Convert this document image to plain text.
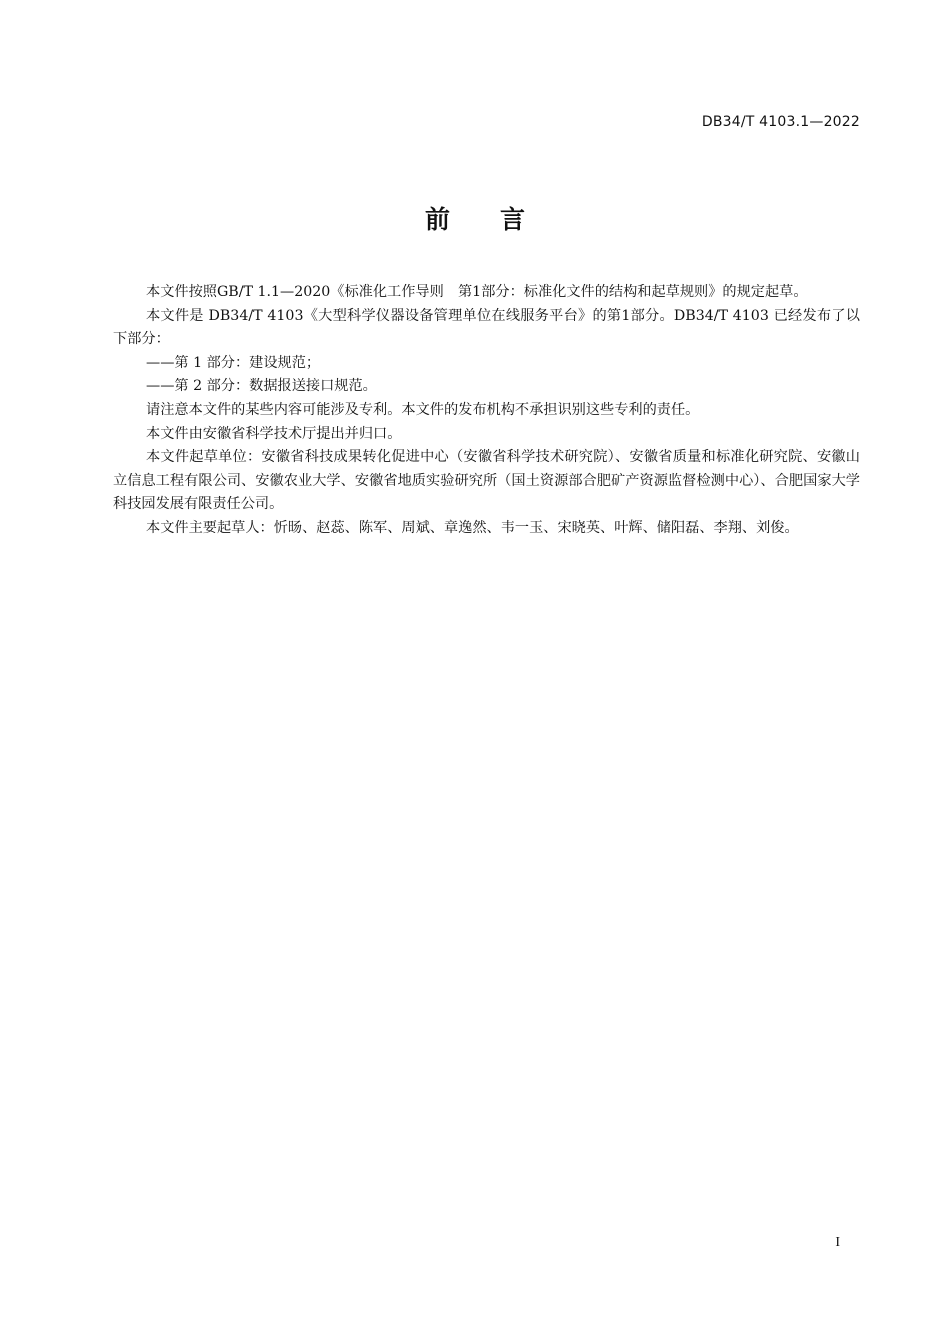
DB34/T 4103.1—2022
前 言

本文件按照GB/T 1.1—2020《标准化工作导则　第1部分：标准化文件的结构和起草规则》的规定起草。

本文件是 DB34/T 4103《大型科学仪器设备管理单位在线服务平台》的第1部分。DB34/T 4103 已经发布了以下部分：

——第 1 部分：建设规范；

——第 2 部分：数据报送接口规范。

请注意本文件的某些内容可能涉及专利。本文件的发布机构不承担识别这些专利的责任。

本文件由安徽省科学技术厅提出并归口。

本文件起草单位：安徽省科技成果转化促进中心（安徽省科学技术研究院）、安徽省质量和标准化研究院、安徽山立信息工程有限公司、安徽农业大学、安徽省地质实验研究所（国土资源部合肥矿产资源监督检测中心）、合肥国家大学科技园发展有限责任公司。

本文件主要起草人：忻旸、赵蕊、陈军、周斌、章逸然、韦一玉、宋晓英、叶辉、储阳磊、李翔、刘俊。

I
